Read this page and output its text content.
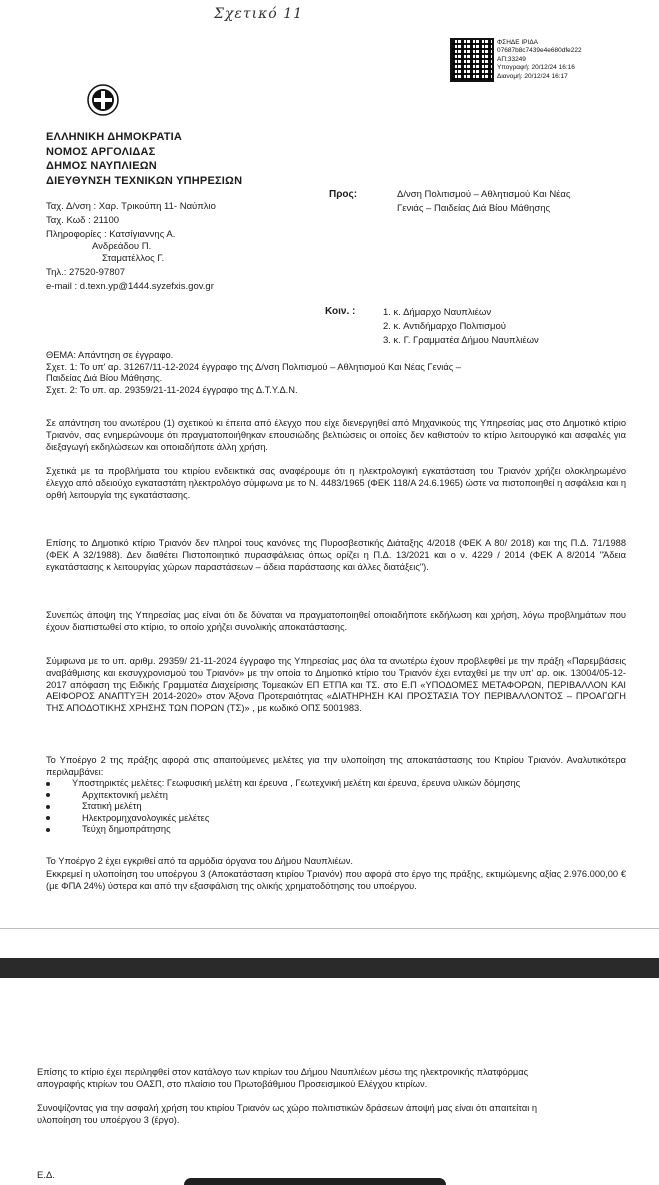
Σχετικό 11
ΦΣΗΔΕ ΙΡΙΔΑ
07687b8c7439e4e680dfe222
ΑΠ:33249
Υπογραφή: 20/12/24 16:16
Διανομή: 20/12/24 16:17
ΕΛΛΗΝΙΚΗ ΔΗΜΟΚΡΑΤΙΑ
ΝΟΜΟΣ ΑΡΓΟΛΙΔΑΣ
ΔΗΜΟΣ ΝΑΥΠΛΙΕΩΝ
ΔΙΕΥΘΥΝΣΗ ΤΕΧΝΙΚΩΝ ΥΠΗΡΕΣΙΩΝ
Ταχ. Δ/νση : Χαρ. Τρικούπη 11- Ναύπλιο
Ταχ. Κωδ : 21100
Πληροφορίες : Κατσίγιαννης Α.
Ανδρεάδου Π.
Σταματέλλος Γ.
Τηλ.: 27520-97807
e-mail : d.texn.yp@1444.syzefxis.gov.gr
Προς:	Δ/νση Πολιτισμού – Αθλητισμού Και Νέας
Γενιάς – Παιδείας Διά Βίου Μάθησης
Κοιν. :	1. κ. Δήμαρχο Ναυπλιέων
2. κ. Αντιδήμαρχο Πολιτισμού
3. κ. Γ. Γραμματέα Δήμου Ναυπλιέων
ΘΕΜΑ: Απάντηση σε έγγραφο.
Σχετ. 1: Το υπ' αρ. 31267/11-12-2024 έγγραφο της Δ/νση Πολιτισμού – Αθλητισμού Και Νέας Γενιάς –
Παιδείας Διά Βίου Μάθησης.
Σχετ. 2: Το υπ. αρ. 29359/21-11-2024 έγγραφο της Δ.Τ.Υ.Δ.Ν.
Σε απάντηση του ανωτέρου (1) σχετικού κι έπειτα από έλεγχο που είχε διενεργηθεί από Μηχανικούς της Υπηρεσίας μας στο Δημοτικό κτίριο Τριανόν, σας ενημερώνουμε ότι πραγματοποιήθηκαν επουσιώδης βελτιώσεις οι οποίες δεν καθιστούν το κτίριο λειτουργικό και ασφαλές για διεξαγωγή εκδηλώσεων και οποιαδήποτε άλλη χρήση.
Σχετικά με τα προβλήματα του κτιρίου ενδεικτικά σας αναφέρουμε ότι η ηλεκτρολογική εγκατάσταση του Τριανόν χρήζει ολοκληρωμένο έλεγχο από αδειούχο εγκαταστάτη ηλεκτρολόγο σύμφωνα με το Ν. 4483/1965 (ΦΕΚ 118/Α 24.6.1965) ώστε να πιστοποιηθεί η ασφάλεια και η ορθή λειτουργία της εγκατάστασης.
Επίσης το Δημοτικό κτίριο Τριανόν δεν πληροί τους κανόνες της Πυροσβεστικής Διάταξης 4/2018 (ΦΕΚ Α 80/ 2018) και της Π.Δ. 71/1988 (ΦΕΚ Α 32/1988). Δεν διαθέτει Πιστοποιητικό πυρασφάλειας όπως ορίζει η Π.Δ. 13/2021 και ο ν. 4229 / 2014 (ΦΕΚ Α 8/2014 "Άδεια εγκατάστασης κ λειτουργίας χώρων παραστάσεων – άδεια παράστασης και άλλες διατάξεις").
Συνεπώς άποψη της Υπηρεσίας μας είναι ότι δε δύναται να πραγματοποιηθεί οποιαδήποτε εκδήλωση και χρήση, λόγω προβλημάτων που έχουν διαπιστωθεί στο κτίριο, το οποίο χρήζει συνολικής αποκατάστασης.
Σύμφωνα με το υπ. αριθμ. 29359/ 21-11-2024 έγγραφο της Υπηρεσίας μας όλα τα ανωτέρω έχουν προβλεφθεί με την πράξη «Παρεμβάσεις αναβάθμισης και εκσυγχρονισμού του Τριανόν» με την οποία το Δημοτικό κτίριο του Τριανόν έχει ενταχθεί με την υπ' αρ. οικ. 13004/05-12-2017 απόφαση της Ειδικής Γραμματέα Διαχείρισης Τομεακών ΕΠ ΕΤΠΑ και ΤΣ. στο Ε.Π «ΥΠΟΔΟΜΕΣ ΜΕΤΑΦΟΡΩΝ, ΠΕΡΙΒΑΛΛΟΝ ΚΑΙ ΑΕΙΦΟΡΟΣ ΑΝΑΠΤΥΞΗ 2014-2020» στον Άξονα Προτεραιότητας «ΔΙΑΤΗΡΗΣΗ ΚΑΙ ΠΡΟΣΤΑΣΙΑ ΤΟΥ ΠΕΡΙΒΑΛΛΟΝΤΟΣ – ΠΡΟΑΓΩΓΗ ΤΗΣ ΑΠΟΔΟΤΙΚΗΣ ΧΡΗΣΗΣ ΤΩΝ ΠΟΡΩΝ (ΤΣ)» , με κωδικό ΟΠΣ 5001983.
Το Υποέργο 2 της πράξης αφορά στις απαιτούμενες μελέτες για την υλοποίηση της αποκατάστασης του Κτιρίου Τριανόν. Αναλυτικότερα περιλαμβάνει:
Υποστηρικτές μελέτες: Γεωφυσική μελέτη και έρευνα , Γεωτεχνική μελέτη και έρευνα, έρευνα υλικών δόμησης
Αρχιτεκτονική μελέτη
Στατική μελέτη
Ηλεκτρομηχανολογικές μελέτες
Τεύχη δημοπράτησης
Το Υποέργο 2 έχει εγκριθεί από τα αρμόδια όργανα του Δήμου Ναυπλιέων.
Εκκρεμεί η υλοποίηση του υποέργου 3 (Αποκατάσταση κτιρίου Τριανόν) που αφορά στο έργο της πράξης, εκτιμώμενης αξίας 2.976.000,00 € (με ΦΠΑ 24%) ύστερα και από την εξασφάλιση της ολικής χρηματοδότησης του υποέργου.
Επίσης το κτίριο έχει περιληφθεί στον κατάλογο των κτιρίων του Δήμου Ναυπλιέων μέσω της ηλεκτρονικής πλατφόρμας απογραφής κτιρίων του ΟΑΣΠ, στο πλαίσιο του Πρωτοβάθμιου Προσεισμικού Ελέγχου κτιρίων.
Συνοψίζοντας για την ασφαλή χρήση του κτιρίου Τριανόν ως χώρο πολιτιστικών δράσεων άποψή μας είναι ότι απαιτείται η υλοποίηση του υποέργου 3 (έργο).
Ε.Δ.
